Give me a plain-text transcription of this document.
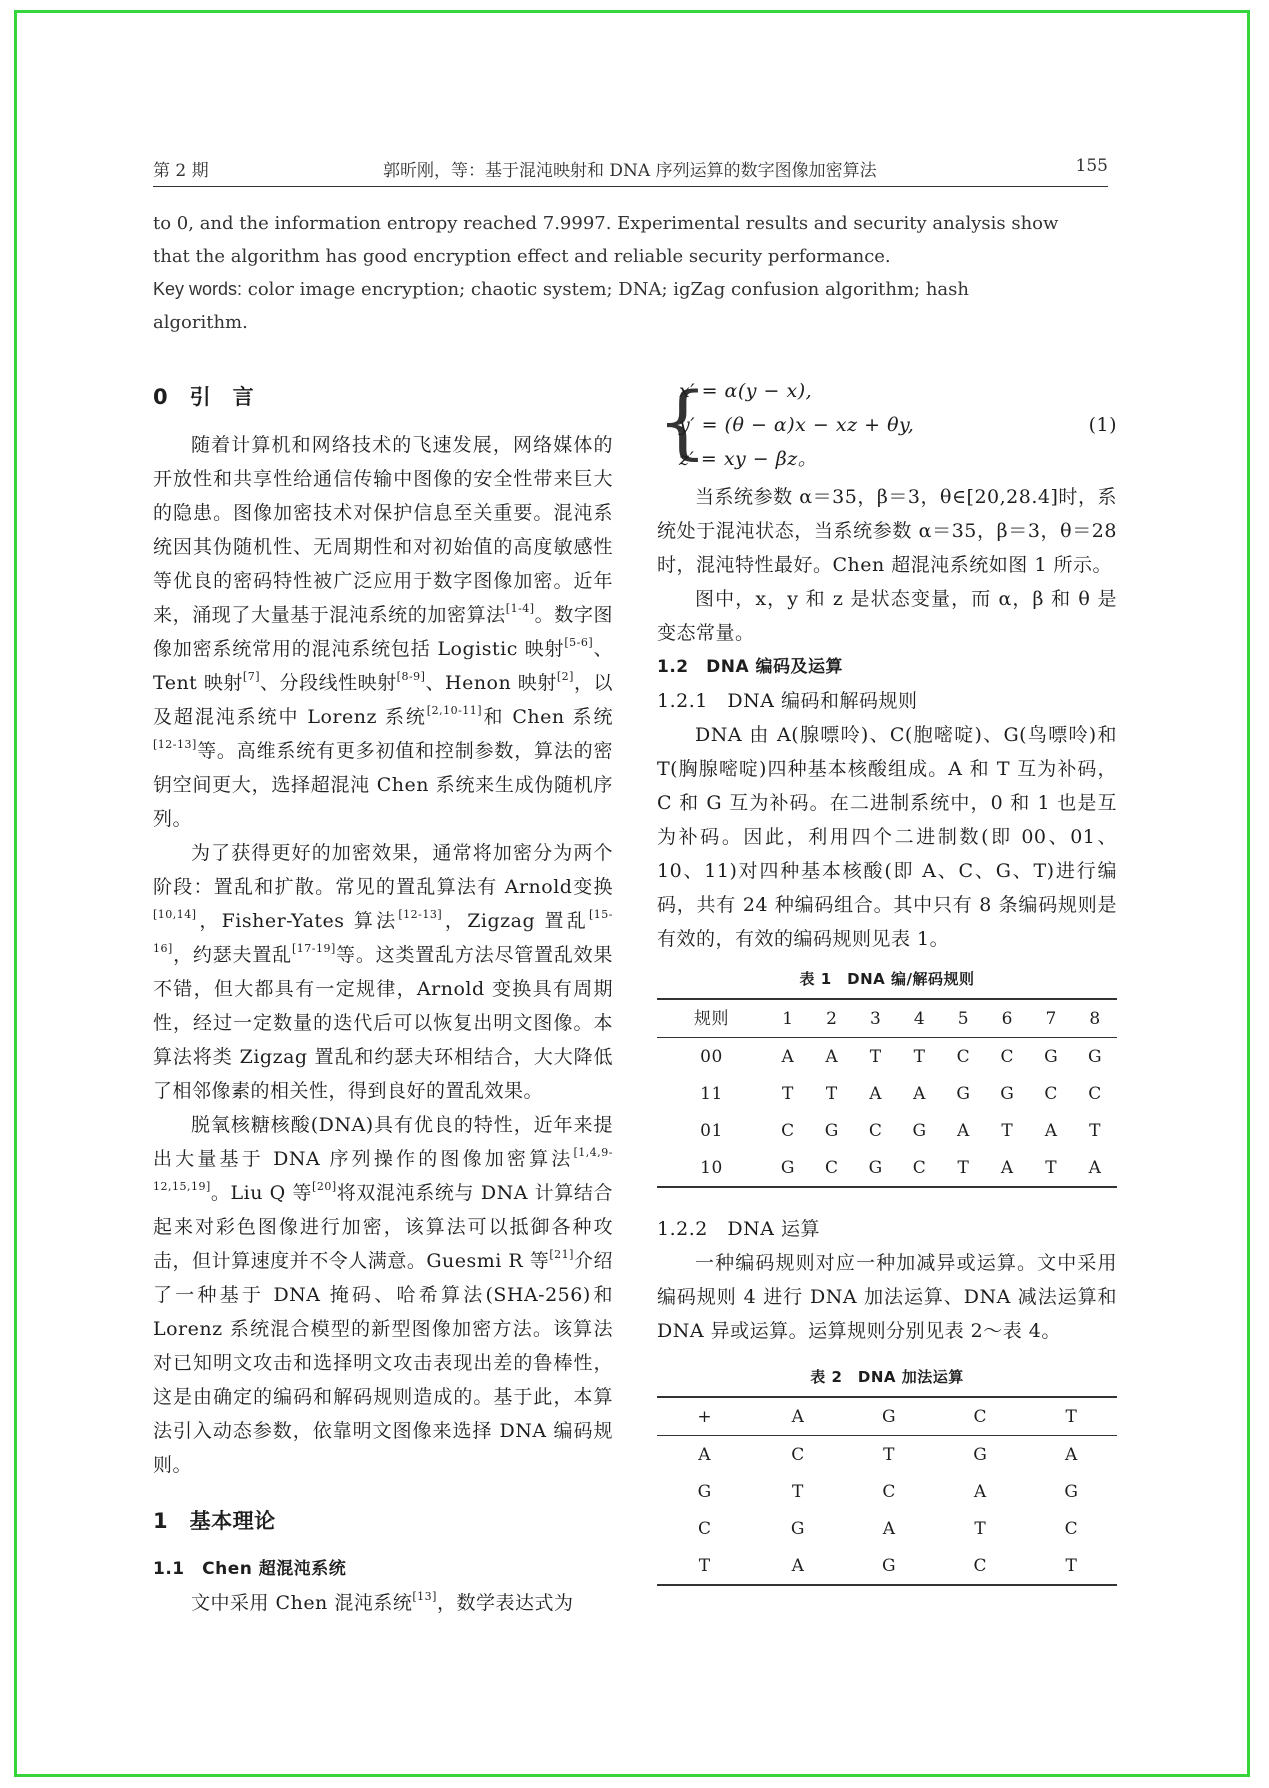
第 2 期	郭昕刚，等：基于混沌映射和 DNA 序列运算的数字图像加密算法	155
to 0, and the information entropy reached 7.9997. Experimental results and security analysis show
that the algorithm has good encryption effect and reliable security performance.
Key words: color image encryption; chaotic system; DNA; igZag confusion algorithm; hash
algorithm.
0　引　言

随着计算机和网络技术的飞速发展，网络媒体的开放性和共享性给通信传输中图像的安全性带来巨大的隐患。图像加密技术对保护信息至关重要。混沌系统因其伪随机性、无周期性和对初始值的高度敏感性等优良的密码特性被广泛应用于数字图像加密。近年来，涌现了大量基于混沌系统的加密算法[1-4]。数字图像加密系统常用的混沌系统包括 Logistic 映射[5-6]、Tent 映射[7]、分段线性映射[8-9]、Henon 映射[2]，以及超混沌系统中 Lorenz 系统[2,10-11]和 Chen 系统[12-13]等。高维系统有更多初值和控制参数，算法的密钥空间更大，选择超混沌 Chen 系统来生成伪随机序列。

为了获得更好的加密效果，通常将加密分为两个阶段：置乱和扩散。常见的置乱算法有 Arnold变换[10,14]，Fisher-Yates 算法[12-13]，Zigzag 置乱[15-16]，约瑟夫置乱[17-19]等。这类置乱方法尽管置乱效果不错，但大都具有一定规律，Arnold 变换具有周期性，经过一定数量的迭代后可以恢复出明文图像。本算法将类 Zigzag 置乱和约瑟夫环相结合，大大降低了相邻像素的相关性，得到良好的置乱效果。

脱氧核糖核酸(DNA)具有优良的特性，近年来提出大量基于 DNA 序列操作的图像加密算法[1,4,9-12,15,19]。Liu Q 等[20]将双混沌系统与 DNA 计算结合起来对彩色图像进行加密，该算法可以抵御各种攻击，但计算速度并不令人满意。Guesmi R 等[21]介绍了一种基于 DNA 掩码、哈希算法(SHA-256)和 Lorenz 系统混合模型的新型图像加密方法。该算法对已知明文攻击和选择明文攻击表现出差的鲁棒性，这是由确定的编码和解码规则造成的。基于此，本算法引入动态参数，依靠明文图像来选择 DNA 编码规则。

1　基本理论
1.1　Chen 超混沌系统

文中采用 Chen 混沌系统[13]，数学表达式为

{
x′ = α(y − x),
y′ = (θ − α)x − xz + θy,
z′ = xy − βz。
(1)

当系统参数 α＝35，β＝3，θ∈[20,28.4]时，系统处于混沌状态，当系统参数 α＝35，β＝3，θ＝28 时，混沌特性最好。Chen 超混沌系统如图 1 所示。

图中，x，y 和 z 是状态变量，而 α，β 和 θ 是变态常量。

1.2　DNA 编码及运算
1.2.1　DNA 编码和解码规则

DNA 由 A(腺嘌呤)、C(胞嘧啶)、G(鸟嘌呤)和 T(胸腺嘧啶)四种基本核酸组成。A 和 T 互为补码，C 和 G 互为补码。在二进制系统中，0 和 1 也是互为补码。因此，利用四个二进制数(即 00、01、10、11)对四种基本核酸(即 A、C、G、T)进行编码，共有 24 种编码组合。其中只有 8 条编码规则是有效的，有效的编码规则见表 1。

表 1　DNA 编/解码规则
规则	1	2	3	4	5	6	7	8
00	A	A	T	T	C	C	G	G
11	T	T	A	A	G	G	C	C
01	C	G	C	G	A	T	A	T
10	G	C	G	C	T	A	T	A
1.2.2　DNA 运算

一种编码规则对应一种加减异或运算。文中采用编码规则 4 进行 DNA 加法运算、DNA 减法运算和 DNA 异或运算。运算规则分别见表 2～表 4。

表 2　DNA 加法运算
+	A	G	C	T
A	C	T	G	A
G	T	C	A	G
C	G	A	T	C
T	A	G	C	T
